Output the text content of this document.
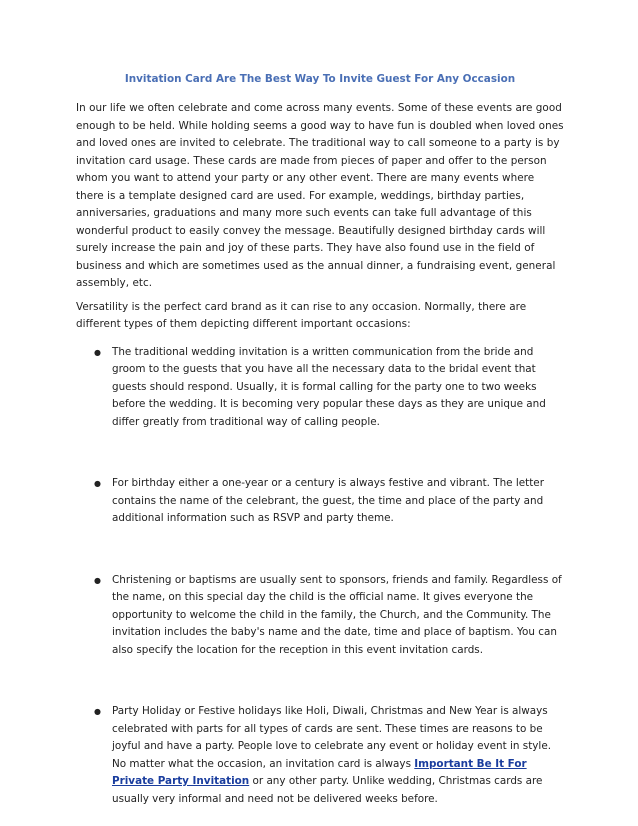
Invitation Card Are The Best Way To Invite Guest For Any Occasion

In our life we often celebrate and come across many events. Some of these events are good enough to be held. While holding seems a good way to have fun is doubled when loved ones and loved ones are invited to celebrate. The traditional way to call someone to a party is by invitation card usage. These cards are made from pieces of paper and offer to the person whom you want to attend your party or any other event. There are many events where there is a template designed card are used. For example, weddings, birthday parties, anniversaries, graduations and many more such events can take full advantage of this wonderful product to easily convey the message. Beautifully designed birthday cards will surely increase the pain and joy of these parts. They have also found use in the field of business and which are sometimes used as the annual dinner, a fundraising event, general assembly, etc.

Versatility is the perfect card brand as it can rise to any occasion. Normally, there are different types of them depicting different important occasions:

● The traditional wedding invitation is a written communication from the bride and groom to the guests that you have all the necessary data to the bridal event that guests should respond. Usually, it is formal calling for the party one to two weeks before the wedding. It is becoming very popular these days as they are unique and differ greatly from traditional way of calling people.
● For birthday either a one-year or a century is always festive and vibrant. The letter contains the name of the celebrant, the guest, the time and place of the party and additional information such as RSVP and party theme.
● Christening or baptisms are usually sent to sponsors, friends and family. Regardless of the name, on this special day the child is the official name. It gives everyone the opportunity to welcome the child in the family, the Church, and the Community. The invitation includes the baby's name and the date, time and place of baptism. You can also specify the location for the reception in this event invitation cards.
● Party Holiday or Festive holidays like Holi, Diwali, Christmas and New Year is always celebrated with parts for all types of cards are sent. These times are reasons to be joyful and have a party. People love to celebrate any event or holiday event in style. No matter what the occasion, an invitation card is always Important Be It For Private Party Invitation or any other party. Unlike wedding, Christmas cards are usually very informal and need not be delivered weeks before.
